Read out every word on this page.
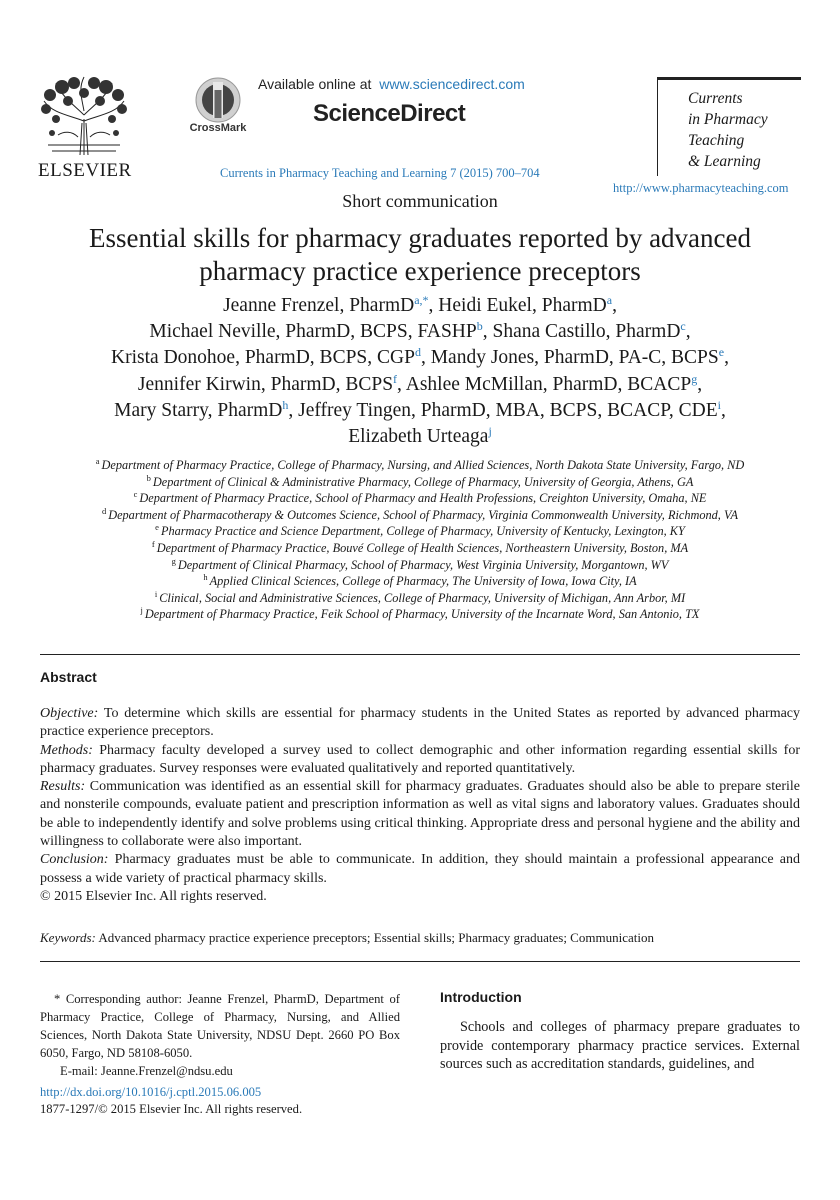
ELSEVIER
CrossMark
Available online at www.sciencedirect.com
ScienceDirect
Currents in Pharmacy Teaching and Learning 7 (2015) 700–704
Currents
in Pharmacy
Teaching
& Learning
http://www.pharmacyteaching.com
Short communication
Essential skills for pharmacy graduates reported by advanced
pharmacy practice experience preceptors
Jeanne Frenzel, PharmD$^{a,*}$, Heidi Eukel, PharmD$^a$,
Michael Neville, PharmD, BCPS, FASHP$^b$, Shana Castillo, PharmD$^c$,
Krista Donohoe, PharmD, BCPS, CGP$^d$, Mandy Jones, PharmD, PA-C, BCPS$^e$,
Jennifer Kirwin, PharmD, BCPS$^f$, Ashlee McMillan, PharmD, BCACP$^g$,
Mary Starry, PharmD$^h$, Jeffrey Tingen, PharmD, MBA, BCPS, BCACP, CDE$^i$,
Elizabeth Urteaga$^j$
$^a$ Department of Pharmacy Practice, College of Pharmacy, Nursing, and Allied Sciences, North Dakota State University, Fargo, ND
$^b$ Department of Clinical & Administrative Pharmacy, College of Pharmacy, University of Georgia, Athens, GA
$^c$ Department of Pharmacy Practice, School of Pharmacy and Health Professions, Creighton University, Omaha, NE
$^d$ Department of Pharmacotherapy & Outcomes Science, School of Pharmacy, Virginia Commonwealth University, Richmond, VA
$^e$ Pharmacy Practice and Science Department, College of Pharmacy, University of Kentucky, Lexington, KY
$^f$ Department of Pharmacy Practice, Bouvé College of Health Sciences, Northeastern University, Boston, MA
$^g$ Department of Clinical Pharmacy, School of Pharmacy, West Virginia University, Morgantown, WV
$^h$ Applied Clinical Sciences, College of Pharmacy, The University of Iowa, Iowa City, IA
$^i$ Clinical, Social and Administrative Sciences, College of Pharmacy, University of Michigan, Ann Arbor, MI
$^j$ Department of Pharmacy Practice, Feik School of Pharmacy, University of the Incarnate Word, San Antonio, TX
Abstract

Objective: To determine which skills are essential for pharmacy students in the United States as reported by advanced pharmacy practice experience preceptors.

Methods: Pharmacy faculty developed a survey used to collect demographic and other information regarding essential skills for pharmacy graduates. Survey responses were evaluated qualitatively and reported quantitatively.

Results: Communication was identified as an essential skill for pharmacy graduates. Graduates should also be able to prepare sterile and nonsterile compounds, evaluate patient and prescription information as well as vital signs and laboratory values. Graduates should be able to independently identify and solve problems using critical thinking. Appropriate dress and personal hygiene and the ability and willingness to collaborate were also important.

Conclusion: Pharmacy graduates must be able to communicate. In addition, they should maintain a professional appearance and possess a wide variety of practical pharmacy skills.

© 2015 Elsevier Inc. All rights reserved.

Keywords: Advanced pharmacy practice experience preceptors; Essential skills; Pharmacy graduates; Communication

* Corresponding author: Jeanne Frenzel, PharmD, Department of Pharmacy Practice, College of Pharmacy, Nursing, and Allied Sciences, North Dakota State University, NDSU Dept. 2660 PO Box 6050, Fargo, ND 58108-6050.

E-mail: Jeanne.Frenzel@ndsu.edu

http://dx.doi.org/10.1016/j.cptl.2015.06.005
1877-1297/© 2015 Elsevier Inc. All rights reserved.
Introduction
Schools and colleges of pharmacy prepare graduates to provide contemporary pharmacy practice services. External sources such as accreditation standards, guidelines, and
